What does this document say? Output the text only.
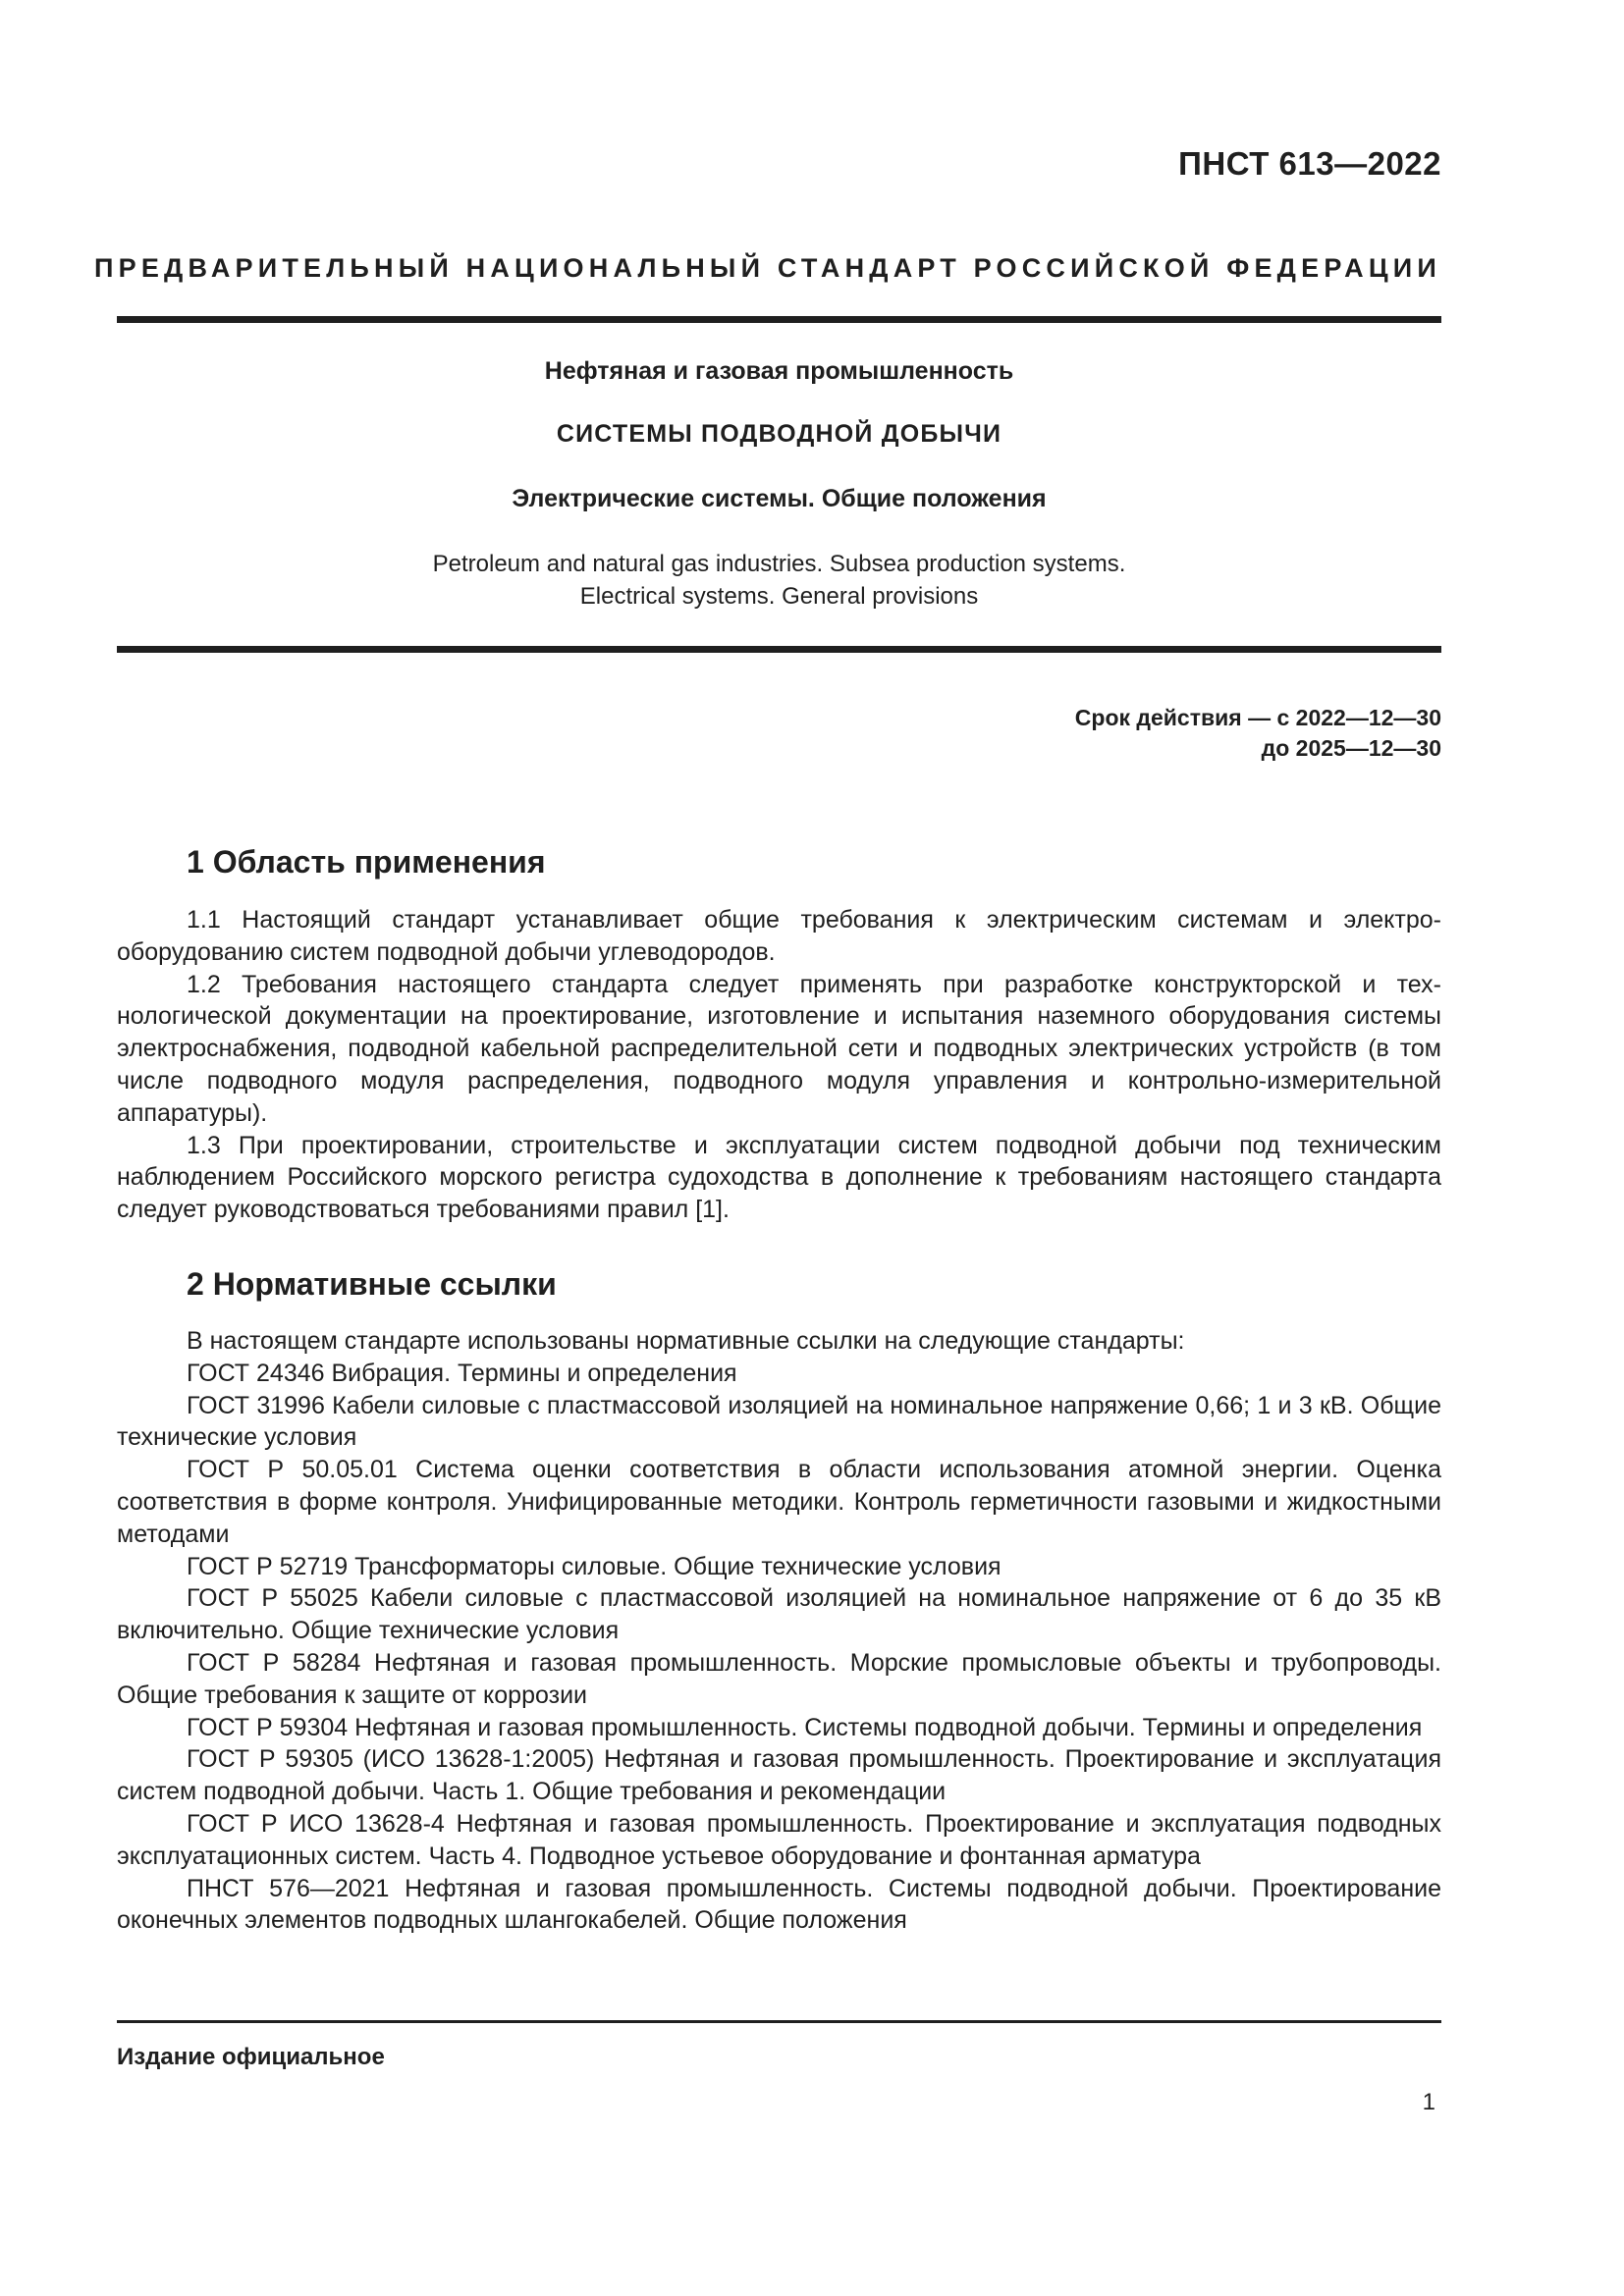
ПНСТ 613—2022
ПРЕДВАРИТЕЛЬНЫЙ НАЦИОНАЛЬНЫЙ СТАНДАРТ РОССИЙСКОЙ ФЕДЕРАЦИИ
Нефтяная и газовая промышленность
СИСТЕМЫ ПОДВОДНОЙ ДОБЫЧИ
Электрические системы. Общие положения
Petroleum and natural gas industries. Subsea production systems.
Electrical systems. General provisions
Срок действия — с 2022—12—30
до 2025—12—30
1 Область применения

1.1 Настоящий стандарт устанавливает общие требования к электрическим системам и электрооборудованию систем подводной добычи углеводородов.

1.2 Требования настоящего стандарта следует применять при разработке конструкторской и технологической документации на проектирование, изготовление и испытания наземного оборудования системы электроснабжения, подводной кабельной распределительной сети и подводных электрических устройств (в том числе подводного модуля распределения, подводного модуля управления и контрольно-измерительной аппаратуры).

1.3 При проектировании, строительстве и эксплуатации систем подводной добычи под техническим наблюдением Российского морского регистра судоходства в дополнение к требованиям настоящего стандарта следует руководствоваться требованиями правил [1].

2 Нормативные ссылки

В настоящем стандарте использованы нормативные ссылки на следующие стандарты:

ГОСТ 24346 Вибрация. Термины и определения

ГОСТ 31996 Кабели силовые с пластмассовой изоляцией на номинальное напряжение 0,66; 1 и 3 кВ. Общие технические условия

ГОСТ Р 50.05.01 Система оценки соответствия в области использования атомной энергии. Оценка соответствия в форме контроля. Унифицированные методики. Контроль герметичности газовыми и жидкостными методами

ГОСТ Р 52719 Трансформаторы силовые. Общие технические условия

ГОСТ Р 55025 Кабели силовые с пластмассовой изоляцией на номинальное напряжение от 6 до 35 кВ включительно. Общие технические условия

ГОСТ Р 58284 Нефтяная и газовая промышленность. Морские промысловые объекты и трубопроводы. Общие требования к защите от коррозии

ГОСТ Р 59304 Нефтяная и газовая промышленность. Системы подводной добычи. Термины и определения

ГОСТ Р 59305 (ИСО 13628-1:2005) Нефтяная и газовая промышленность. Проектирование и эксплуатация систем подводной добычи. Часть 1. Общие требования и рекомендации

ГОСТ Р ИСО 13628-4 Нефтяная и газовая промышленность. Проектирование и эксплуатация подводных эксплуатационных систем. Часть 4. Подводное устьевое оборудование и фонтанная арматура

ПНСТ 576—2021 Нефтяная и газовая промышленность. Системы подводной добычи. Проектирование оконечных элементов подводных шлангокабелей. Общие положения

Издание официальное
1
